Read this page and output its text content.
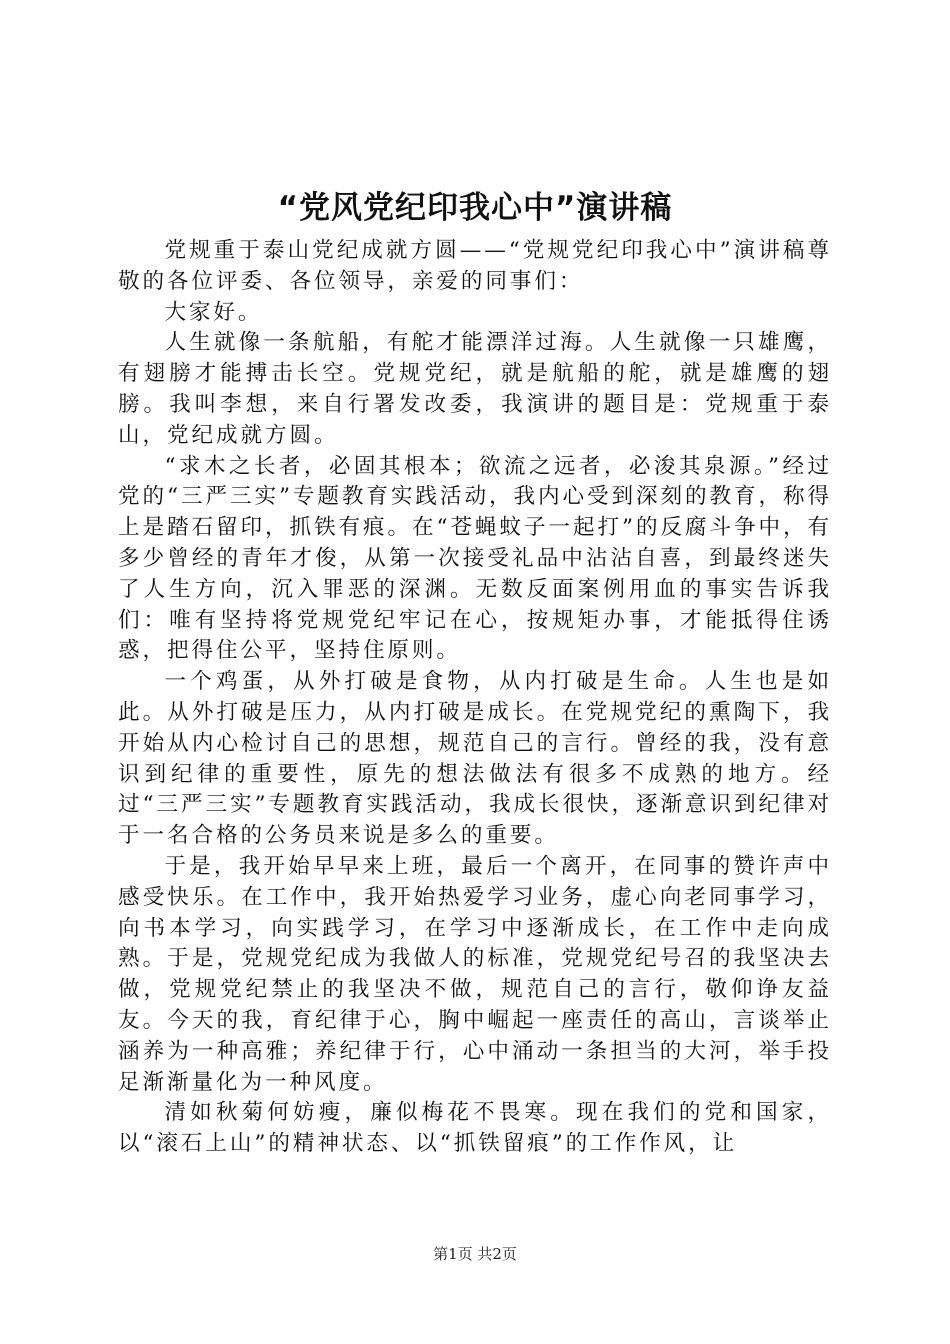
“党风党纪印我心中”演讲稿

党规重于泰山党纪成就方圆——“党规党纪印我心中”演讲稿尊敬的各位评委、各位领导，亲爱的同事们：

大家好。

人生就像一条航船，有舵才能漂洋过海。人生就像一只雄鹰，有翅膀才能搏击长空。党规党纪，就是航船的舵，就是雄鹰的翅膀。我叫李想，来自行署发改委，我演讲的题目是：党规重于泰山，党纪成就方圆。

“求木之长者，必固其根本；欲流之远者，必浚其泉源。”经过党的“三严三实”专题教育实践活动，我内心受到深刻的教育，称得上是踏石留印，抓铁有痕。在“苍蝇蚊子一起打”的反腐斗争中，有多少曾经的青年才俊，从第一次接受礼品中沾沾自喜，到最终迷失了人生方向，沉入罪恶的深渊。无数反面案例用血的事实告诉我们：唯有坚持将党规党纪牢记在心，按规矩办事，才能抵得住诱惑，把得住公平，坚持住原则。

一个鸡蛋，从外打破是食物，从内打破是生命。人生也是如此。从外打破是压力，从内打破是成长。在党规党纪的熏陶下，我开始从内心检讨自己的思想，规范自己的言行。曾经的我，没有意识到纪律的重要性，原先的想法做法有很多不成熟的地方。经过“三严三实”专题教育实践活动，我成长很快，逐渐意识到纪律对于一名合格的公务员来说是多么的重要。

于是，我开始早早来上班，最后一个离开，在同事的赞许声中感受快乐。在工作中，我开始热爱学习业务，虚心向老同事学习，向书本学习，向实践学习，在学习中逐渐成长，在工作中走向成熟。于是，党规党纪成为我做人的标准，党规党纪号召的我坚决去做，党规党纪禁止的我坚决不做，规范自己的言行，敬仰诤友益友。今天的我，育纪律于心，胸中崛起一座责任的高山，言谈举止涵养为一种高雅；养纪律于行，心中涌动一条担当的大河，举手投足渐渐量化为一种风度。

清如秋菊何妨瘦，廉似梅花不畏寒。现在我们的党和国家，以“滚石上山”的精神状态、以“抓铁留痕”的工作作风，让

第1页 共2页
